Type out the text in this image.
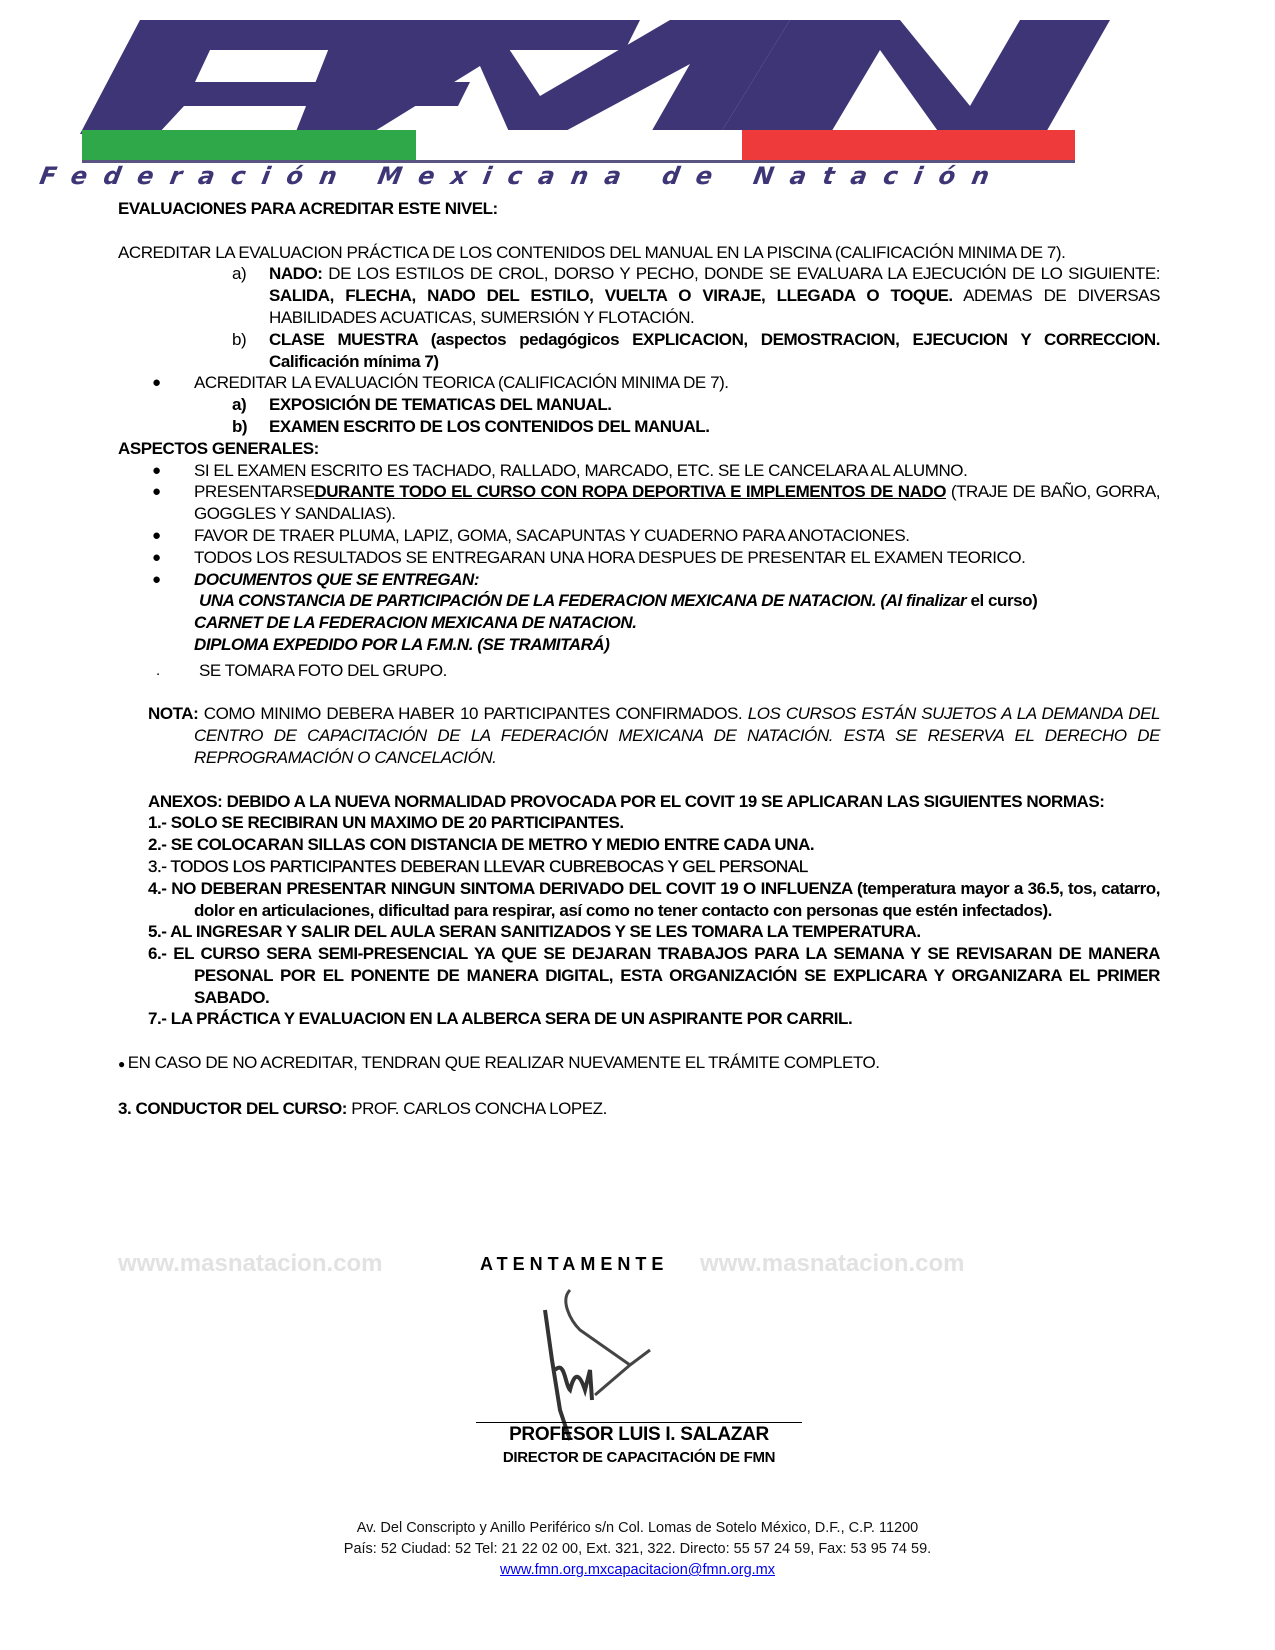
Federación Mexicana de Natación

EVALUACIONES PARA ACREDITAR ESTE NIVEL:

ACREDITAR LA EVALUACION PRÁCTICA DE LOS CONTENIDOS DEL MANUAL EN LA PISCINA (CALIFICACIÓN MINIMA DE 7).

a) NADO: DE LOS ESTILOS DE CROL, DORSO Y PECHO, DONDE SE EVALUARA LA EJECUCIÓN DE LO SIGUIENTE: SALIDA, FLECHA, NADO DEL ESTILO, VUELTA O VIRAJE, LLEGADA O TOQUE. ADEMAS DE DIVERSAS HABILIDADES ACUATICAS, SUMERSIÓN Y FLOTACIÓN.
b) CLASE MUESTRA (aspectos pedagógicos EXPLICACION, DEMOSTRACION, EJECUCION Y CORRECCION. Calificación mínima 7)
● ACREDITAR LA EVALUACIÓN TEORICA (CALIFICACIÓN MINIMA DE 7).
a) EXPOSICIÓN DE TEMATICAS DEL MANUAL.
b) EXAMEN ESCRITO DE LOS CONTENIDOS DEL MANUAL.

ASPECTOS GENERALES:

● SI EL EXAMEN ESCRITO ES TACHADO, RALLADO, MARCADO, ETC. SE LE CANCELARA AL ALUMNO.
● PRESENTARSEDURANTE TODO EL CURSO CON ROPA DEPORTIVA E IMPLEMENTOS DE NADO (TRAJE DE BAÑO, GORRA, GOGGLES Y SANDALIAS).
● FAVOR DE TRAER PLUMA, LAPIZ, GOMA, SACAPUNTAS Y CUADERNO PARA ANOTACIONES.
● TODOS LOS RESULTADOS SE ENTREGARAN UNA HORA DESPUES DE PRESENTAR EL EXAMEN TEORICO.
● DOCUMENTOS QUE SE ENTREGAN:

UNA CONSTANCIA DE PARTICIPACIÓN DE LA FEDERACION MEXICANA DE NATACION. (Al finalizar el curso)

CARNET DE LA FEDERACION MEXICANA DE NATACION.

DIPLOMA EXPEDIDO POR LA F.M.N. (SE TRAMITARÁ)

. SE TOMARA FOTO DEL GRUPO.

NOTA: COMO MINIMO DEBERA HABER 10 PARTICIPANTES CONFIRMADOS. LOS CURSOS ESTÁN SUJETOS A LA DEMANDA DEL CENTRO DE CAPACITACIÓN DE LA FEDERACIÓN MEXICANA DE NATACIÓN. ESTA SE RESERVA EL DERECHO DE REPROGRAMACIÓN O CANCELACIÓN.

ANEXOS: DEBIDO A LA NUEVA NORMALIDAD PROVOCADA POR EL COVIT 19 SE APLICARAN LAS SIGUIENTES NORMAS:

1.- SOLO SE RECIBIRAN UN MAXIMO DE 20 PARTICIPANTES.

2.- SE COLOCARAN SILLAS CON DISTANCIA DE METRO Y MEDIO ENTRE CADA UNA.

3.- TODOS LOS PARTICIPANTES DEBERAN LLEVAR CUBREBOCAS Y GEL PERSONAL

4.- NO DEBERAN PRESENTAR NINGUN SINTOMA DERIVADO DEL COVIT 19 O INFLUENZA (temperatura mayor a 36.5, tos, catarro, dolor en articulaciones, dificultad para respirar, así como no tener contacto con personas que estén infectados).

5.- AL INGRESAR Y SALIR DEL AULA SERAN SANITIZADOS Y SE LES TOMARA LA TEMPERATURA.

6.- EL CURSO SERA SEMI-PRESENCIAL YA QUE SE DEJARAN TRABAJOS PARA LA SEMANA Y SE REVISARAN DE MANERA PESONAL POR EL PONENTE DE MANERA DIGITAL, ESTA ORGANIZACIÓN SE EXPLICARA Y ORGANIZARA EL PRIMER SABADO.

7.- LA PRÁCTICA Y EVALUACION EN LA ALBERCA SERA DE UN ASPIRANTE POR CARRIL.

● EN CASO DE NO ACREDITAR, TENDRAN QUE REALIZAR NUEVAMENTE EL TRÁMITE COMPLETO.

3. CONDUCTOR DEL CURSO: PROF. CARLOS CONCHA LOPEZ.

www.masnatacion.com	ATENTAMENTE www.masnatacion.com
PROFESOR LUIS I. SALAZAR
DIRECTOR DE CAPACITACIÓN DE FMN
Av. Del Conscripto y Anillo Periférico s/n Col. Lomas de Sotelo México, D.F., C.P. 11200
País: 52 Ciudad: 52 Tel: 21 22 02 00, Ext. 321, 322. Directo: 55 57 24 59, Fax: 53 95 74 59.
www.fmn.org.mxcapacitacion@fmn.org.mx
